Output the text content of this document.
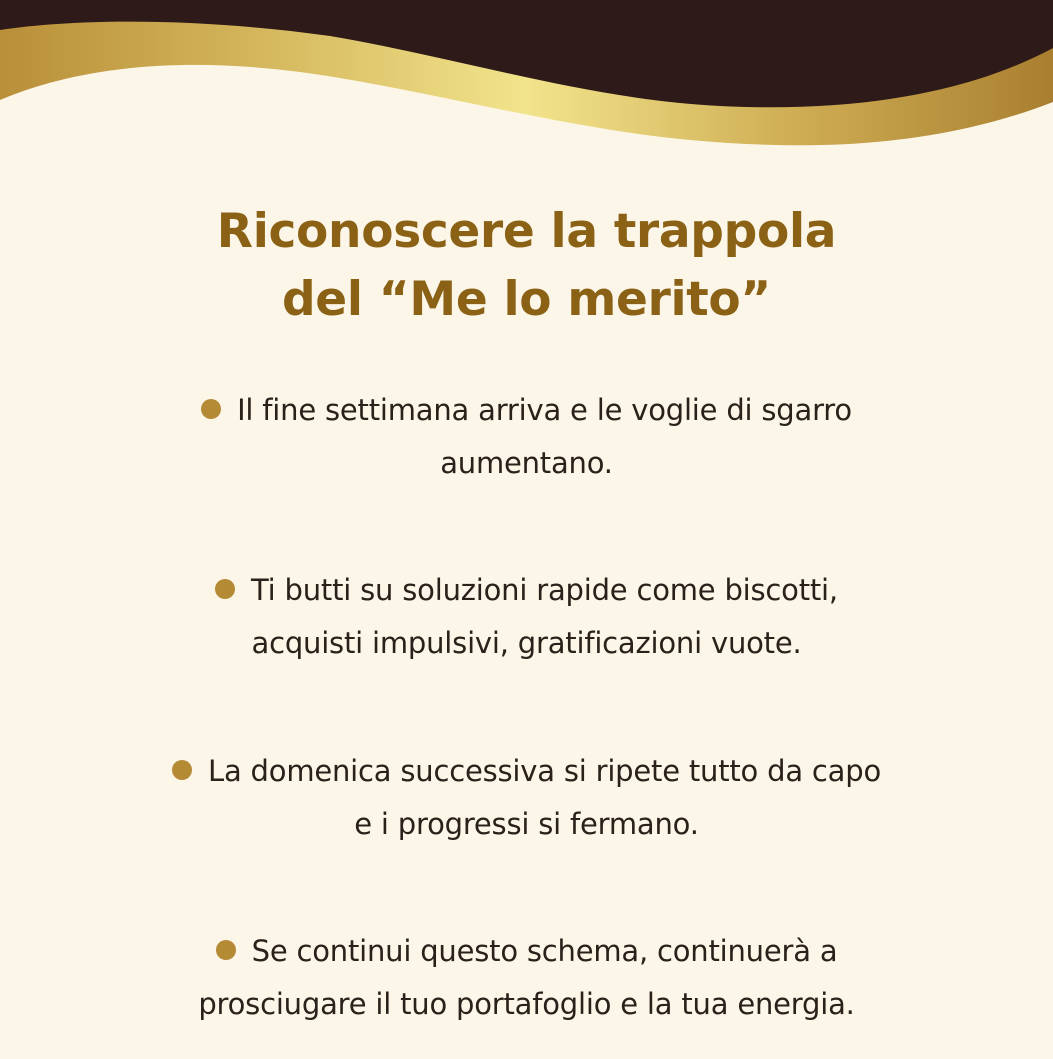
Riconoscere la trappola
del “Me lo merito”
Il fine settimana arriva e le voglie di sgarro
aumentano.
Ti butti su soluzioni rapide come biscotti,
acquisti impulsivi, gratificazioni vuote.
La domenica successiva si ripete tutto da capo
e i progressi si fermano.
Se continui questo schema, continuerà a
prosciugare il tuo portafoglio e la tua energia.
